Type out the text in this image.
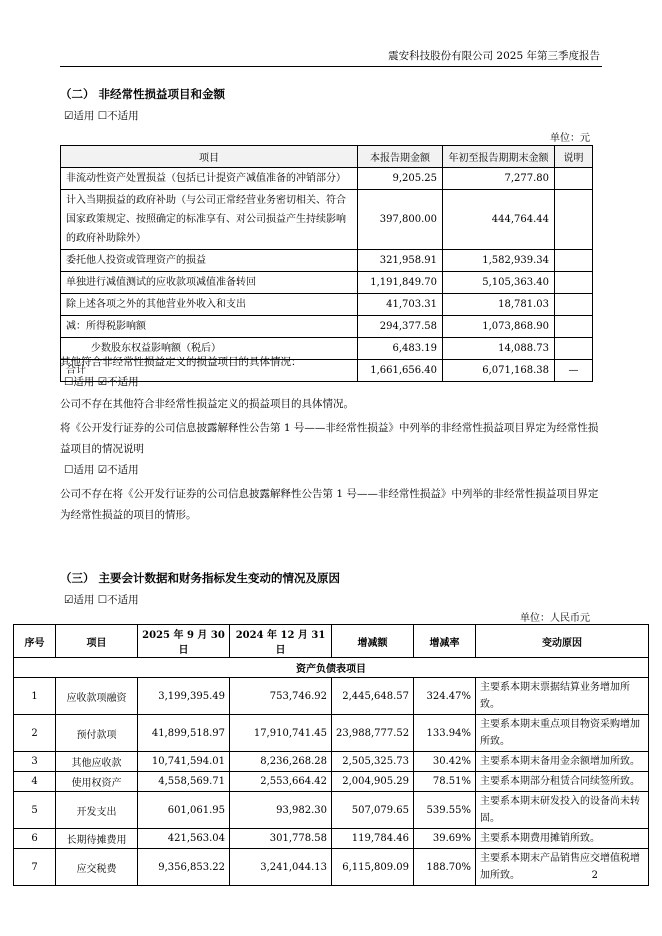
震安科技股份有限公司 2025 年第三季度报告
（二） 非经常性损益项目和金额
☑适用 ☐不适用
单位：元
项目	本报告期金额	年初至报告期期末金额	说明
非流动性资产处置损益（包括已计提资产减值准备的冲销部分）	9,205.25	7,277.80	
计入当期损益的政府补助（与公司正常经营业务密切相关、符合国家政策规定、按照确定的标准享有、对公司损益产生持续影响的政府补助除外）	397,800.00	444,764.44	
委托他人投资或管理资产的损益	321,958.91	1,582,939.34	
单独进行减值测试的应收款项减值准备转回	1,191,849.70	5,105,363.40	
除上述各项之外的其他营业外收入和支出	41,703.31	18,781.03	
减：所得税影响额	294,377.58	1,073,868.90	
少数股东权益影响额（税后）	6,483.19	14,088.73	
合计	1,661,656.40	6,071,168.38	—
其他符合非经常性损益定义的损益项目的具体情况：
☐适用 ☑不适用
公司不存在其他符合非经常性损益定义的损益项目的具体情况。
将《公开发行证券的公司信息披露解释性公告第 1 号——非经常性损益》中列举的非经常性损益项目界定为经常性损益项目的情况说明
☐适用 ☑不适用
公司不存在将《公开发行证券的公司信息披露解释性公告第 1 号——非经常性损益》中列举的非经常性损益项目界定为经常性损益的项目的情形。
（三） 主要会计数据和财务指标发生变动的情况及原因
☑适用 ☐不适用
单位：人民币元
序号	项目	2025 年 9 月 30 日	2024 年 12 月 31 日	增减额	增减率	变动原因
资产负债表项目						
1	应收款项融资	3,199,395.49	753,746.92	2,445,648.57	324.47%	主要系本期末票据结算业务增加所致。
2	预付款项	41,899,518.97	17,910,741.45	23,988,777.52	133.94%	主要系本期末重点项目物资采购增加所致。
3	其他应收款	10,741,594.01	8,236,268.28	2,505,325.73	30.42%	主要系本期末备用金余额增加所致。
4	使用权资产	4,558,569.71	2,553,664.42	2,004,905.29	78.51%	主要系本期部分租赁合同续签所致。
5	开发支出	601,061.95	93,982.30	507,079.65	539.55%	主要系本期末研发投入的设备尚未转固。
6	长期待摊费用	421,563.04	301,778.58	119,784.46	39.69%	主要系本期费用摊销所致。
7	应交税费	9,356,853.22	3,241,044.13	6,115,809.09	188.70%	主要系本期末产品销售应交增值税增加所致。	2
